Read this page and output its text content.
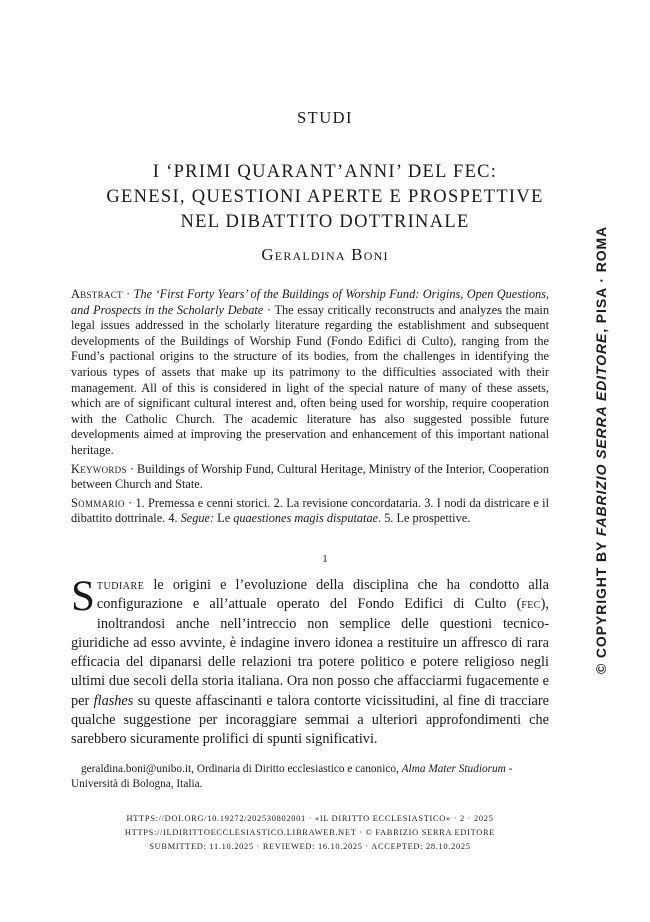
STUDI
I ‘PRIMI QUARANT’ANNI’ DEL FEC:
GENESI, QUESTIONI APERTE E PROSPETTIVE
NEL DIBATTITO DOTTRINALE
Geraldina Boni

Abstract · The ‘First Forty Years’ of the Buildings of Worship Fund: Origins, Open Questions, and Prospects in the Scholarly Debate · The essay critically reconstructs and analyzes the main legal issues addressed in the scholarly literature regarding the establishment and subsequent developments of the Buildings of Worship Fund (Fondo Edifici di Culto), ranging from the Fund’s pactional origins to the structure of its bodies, from the challenges in identifying the various types of assets that make up its patrimony to the difficulties associated with their management. All of this is considered in light of the special nature of many of these assets, which are of significant cultural interest and, often being used for worship, require cooperation with the Catholic Church. The academic literature has also suggested possible future developments aimed at improving the preservation and enhancement of this important national heritage.

Keywords · Buildings of Worship Fund, Cultural Heritage, Ministry of the Interior, Cooperation between Church and State.

Sommario · 1. Premessa e cenni storici. 2. La revisione concordataria. 3. I nodi da districare e il dibattito dottrinale. 4. Segue: Le quaestiones magis disputatae. 5. Le prospettive.

1
Studiare le origini e l’evoluzione della disciplina che ha condotto alla configurazione e all’attuale operato del Fondo Edifici di Culto (fec), inoltrandosi anche nell’intreccio non semplice delle questioni tecnico-giuridiche ad esso avvinte, è indagine invero idonea a restituire un affresco di rara efficacia del dipanarsi delle relazioni tra potere politico e potere religioso negli ultimi due secoli della storia italiana. Ora non posso che affacciarmi fugacemente e per flashes su queste affascinanti e talora contorte vicissitudini, al fine di tracciare qualche suggestione per incoraggiare semmai a ulteriori approfondimenti che sarebbero sicuramente prolifici di spunti significativi.
geraldina.boni@unibo.it, Ordinaria di Diritto ecclesiastico e canonico, Alma Mater Studiorum - Università di Bologna, Italia.
HTTPS://DOI.ORG/10.19272/202530802001 · «IL DIRITTO ECCLESIASTICO» · 2 · 2025
HTTPS://ILDIRITTOECCLESIASTICO.LIBRAWEB.NET · © FABRIZIO SERRA EDITORE
SUBMITTED: 11.10.2025 · REVIEWED: 16.10.2025 · ACCEPTED: 28.10.2025
© COPYRIGHT BY FABRIZIO SERRA EDITORE, PISA · ROMA
